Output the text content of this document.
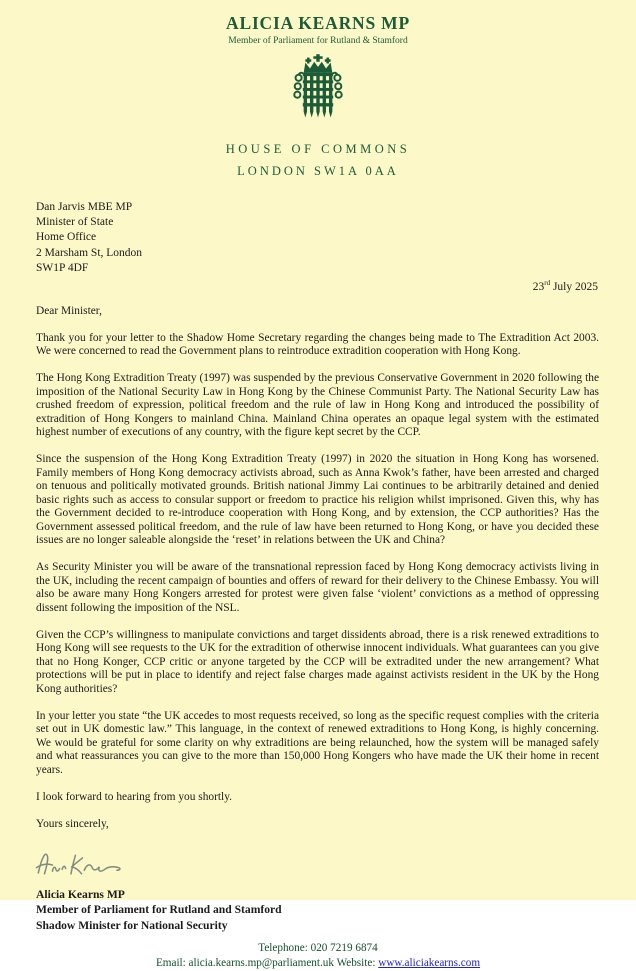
ALICIA KEARNS MP
Member of Parliament for Rutland & Stamford
HOUSE OF COMMONS
LONDON SW1A 0AA
Dan Jarvis MBE MP
Minister of State
Home Office
2 Marsham St, London
SW1P 4DF
23rd July 2025

Dear Minister,

Thank you for your letter to the Shadow Home Secretary regarding the changes being made to The Extradition Act 2003. We were concerned to read the Government plans to reintroduce extradition cooperation with Hong Kong.

The Hong Kong Extradition Treaty (1997) was suspended by the previous Conservative Government in 2020 following the imposition of the National Security Law in Hong Kong by the Chinese Communist Party. The National Security Law has crushed freedom of expression, political freedom and the rule of law in Hong Kong and introduced the possibility of extradition of Hong Kongers to mainland China. Mainland China operates an opaque legal system with the estimated highest number of executions of any country, with the figure kept secret by the CCP.

Since the suspension of the Hong Kong Extradition Treaty (1997) in 2020 the situation in Hong Kong has worsened. Family members of Hong Kong democracy activists abroad, such as Anna Kwok’s father, have been arrested and charged on tenuous and politically motivated grounds. British national Jimmy Lai continues to be arbitrarily detained and denied basic rights such as access to consular support or freedom to practice his religion whilst imprisoned. Given this, why has the Government decided to re-introduce cooperation with Hong Kong, and by extension, the CCP authorities? Has the Government assessed political freedom, and the rule of law have been returned to Hong Kong, or have you decided these issues are no longer saleable alongside the ‘reset’ in relations between the UK and China?

As Security Minister you will be aware of the transnational repression faced by Hong Kong democracy activists living in the UK, including the recent campaign of bounties and offers of reward for their delivery to the Chinese Embassy. You will also be aware many Hong Kongers arrested for protest were given false ‘violent’ convictions as a method of oppressing dissent following the imposition of the NSL.

Given the CCP’s willingness to manipulate convictions and target dissidents abroad, there is a risk renewed extraditions to Hong Kong will see requests to the UK for the extradition of otherwise innocent individuals. What guarantees can you give that no Hong Konger, CCP critic or anyone targeted by the CCP will be extradited under the new arrangement? What protections will be put in place to identify and reject false charges made against activists resident in the UK by the Hong Kong authorities?

In your letter you state “the UK accedes to most requests received, so long as the specific request complies with the criteria set out in UK domestic law.” This language, in the context of renewed extraditions to Hong Kong, is highly concerning. We would be grateful for some clarity on why extraditions are being relaunched, how the system will be managed safely and what reassurances you can give to the more than 150,000 Hong Kongers who have made the UK their home in recent years.

I look forward to hearing from you shortly.

Yours sincerely,

Alicia Kearns MP
Member of Parliament for Rutland and Stamford
Shadow Minister for National Security
Telephone: 020 7219 6874
Email: alicia.kearns.mp@parliament.uk Website: www.aliciakearns.com
